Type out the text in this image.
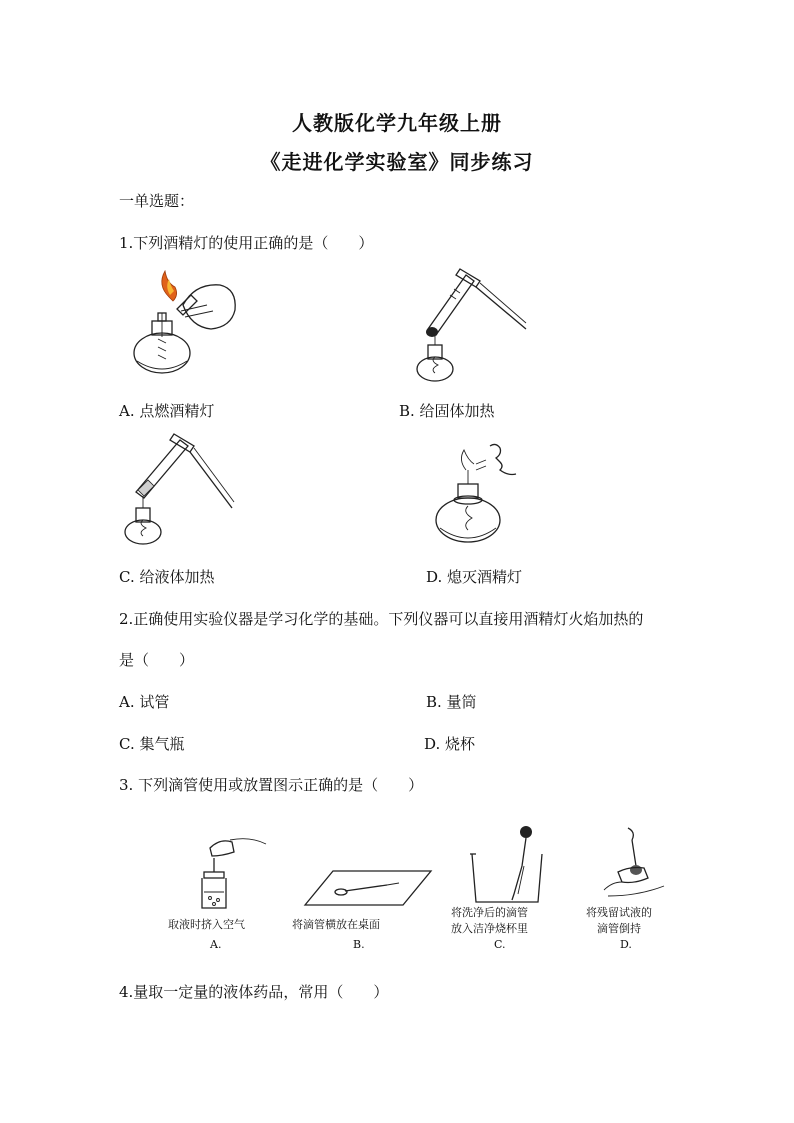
人教版化学九年级上册
《走进化学实验室》同步练习
一单选题：
1.下列酒精灯的使用正确的是（　　）
A. 点燃酒精灯	B. 给固体加热
C. 给液体加热	D. 熄灭酒精灯
2.正确使用实验仪器是学习化学的基础。下列仪器可以直接用酒精灯火焰加热的
是（　　）
A. 试管	B. 量筒
C. 集气瓶	D. 烧杯
3. 下列滴管使用或放置图示正确的是（　　）
取液时挤入空气	将滴管横放在桌面
将洗净后的滴管
放入洁净烧杯里
将残留试液的
滴管倒持
A.	B.	C.	D.
4.量取一定量的液体药品，常用（　　）
